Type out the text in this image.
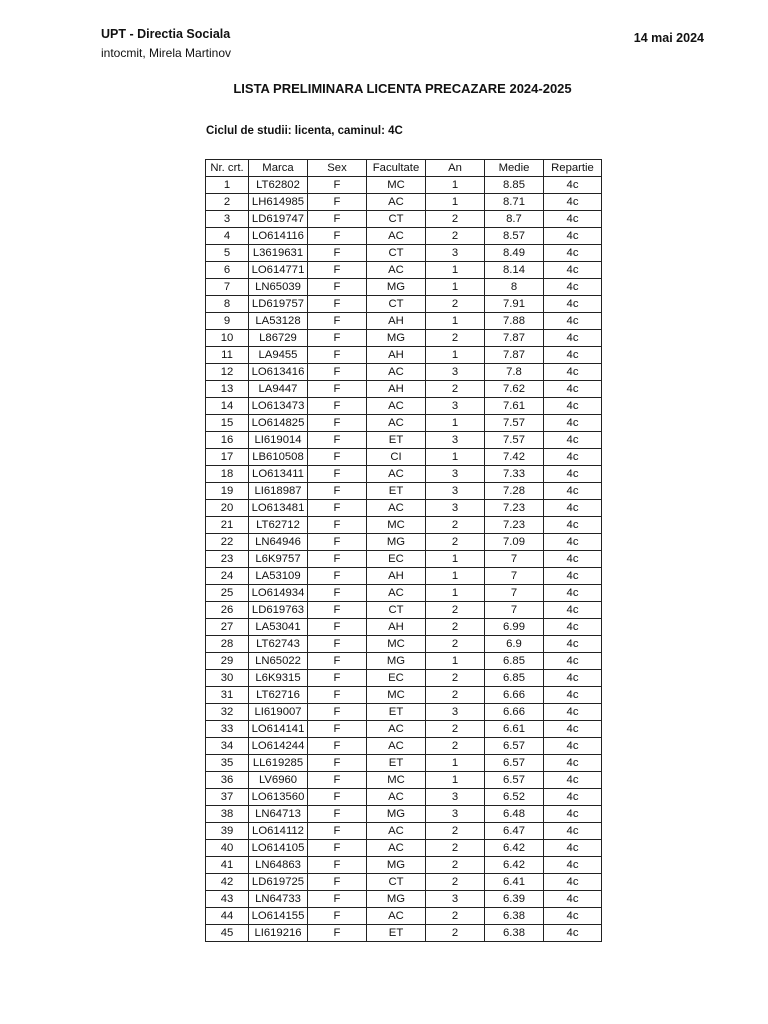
UPT - Directia Sociala
intocmit, Mirela Martinov
14 mai 2024
LISTA PRELIMINARA LICENTA PRECAZARE 2024-2025
Ciclul de studii: licenta, caminul: 4C
Nr. crt.	Marca	Sex	Facultate	An	Medie	Repartie
1	LT62802	F	MC	1	8.85	4c
2	LH614985	F	AC	1	8.71	4c
3	LD619747	F	CT	2	8.7	4c
4	LO614116	F	AC	2	8.57	4c
5	L3619631	F	CT	3	8.49	4c
6	LO614771	F	AC	1	8.14	4c
7	LN65039	F	MG	1	8	4c
8	LD619757	F	CT	2	7.91	4c
9	LA53128	F	AH	1	7.88	4c
10	L86729	F	MG	2	7.87	4c
11	LA9455	F	AH	1	7.87	4c
12	LO613416	F	AC	3	7.8	4c
13	LA9447	F	AH	2	7.62	4c
14	LO613473	F	AC	3	7.61	4c
15	LO614825	F	AC	1	7.57	4c
16	LI619014	F	ET	3	7.57	4c
17	LB610508	F	CI	1	7.42	4c
18	LO613411	F	AC	3	7.33	4c
19	LI618987	F	ET	3	7.28	4c
20	LO613481	F	AC	3	7.23	4c
21	LT62712	F	MC	2	7.23	4c
22	LN64946	F	MG	2	7.09	4c
23	L6K9757	F	EC	1	7	4c
24	LA53109	F	AH	1	7	4c
25	LO614934	F	AC	1	7	4c
26	LD619763	F	CT	2	7	4c
27	LA53041	F	AH	2	6.99	4c
28	LT62743	F	MC	2	6.9	4c
29	LN65022	F	MG	1	6.85	4c
30	L6K9315	F	EC	2	6.85	4c
31	LT62716	F	MC	2	6.66	4c
32	LI619007	F	ET	3	6.66	4c
33	LO614141	F	AC	2	6.61	4c
34	LO614244	F	AC	2	6.57	4c
35	LL619285	F	ET	1	6.57	4c
36	LV6960	F	MC	1	6.57	4c
37	LO613560	F	AC	3	6.52	4c
38	LN64713	F	MG	3	6.48	4c
39	LO614112	F	AC	2	6.47	4c
40	LO614105	F	AC	2	6.42	4c
41	LN64863	F	MG	2	6.42	4c
42	LD619725	F	CT	2	6.41	4c
43	LN64733	F	MG	3	6.39	4c
44	LO614155	F	AC	2	6.38	4c
45	LI619216	F	ET	2	6.38	4c
